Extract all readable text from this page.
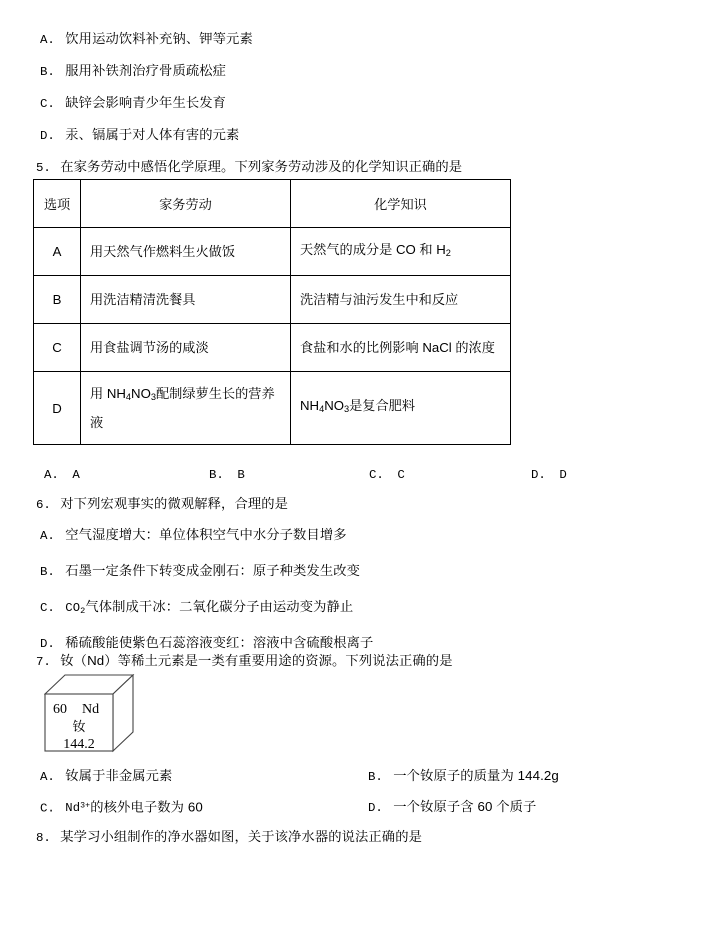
A. 饮用运动饮料补充钠、钾等元素
B. 服用补铁剂治疗骨质疏松症
C. 缺锌会影响青少年生长发育
D. 汞、镉属于对人体有害的元素
5. 在家务劳动中感悟化学原理。下列家务劳动涉及的化学知识正确的是
选项	家务劳动	化学知识
A	用天然气作燃料生火做饭	天然气的成分是 CO 和 $H_2$
B	用洗洁精清洗餐具	洗洁精与油污发生中和反应
C	用食盐调节汤的咸淡	食盐和水的比例影响 NaCl 的浓度
D	用 $NH_4NO_3$配制绿萝生长的营养
液	$NH_4NO_3$是复合肥料
A. A	B. B	C. C	D. D
6. 对下列宏观事实的微观解释，合理的是
A. 空气湿度增大：单位体积空气中水分子数目增多
B. 石墨一定条件下转变成金刚石：原子种类发生改变
C. $CO_2$气体制成干冰：二氧化碳分子由运动变为静止
D. 稀硫酸能使紫色石蕊溶液变红：溶液中含硫酸根离子
7. 钕（Nd）等稀土元素是一类有重要用途的资源。下列说法正确的是
60 Nd
钕
144.2
A. 钕属于非金属元素	B. 一个钕原子的质量为 144.2g
C. $Nd^{3+}$的核外电子数为 60	D. 一个钕原子含 60 个质子
8. 某学习小组制作的净水器如图，关于该净水器的说法正确的是
